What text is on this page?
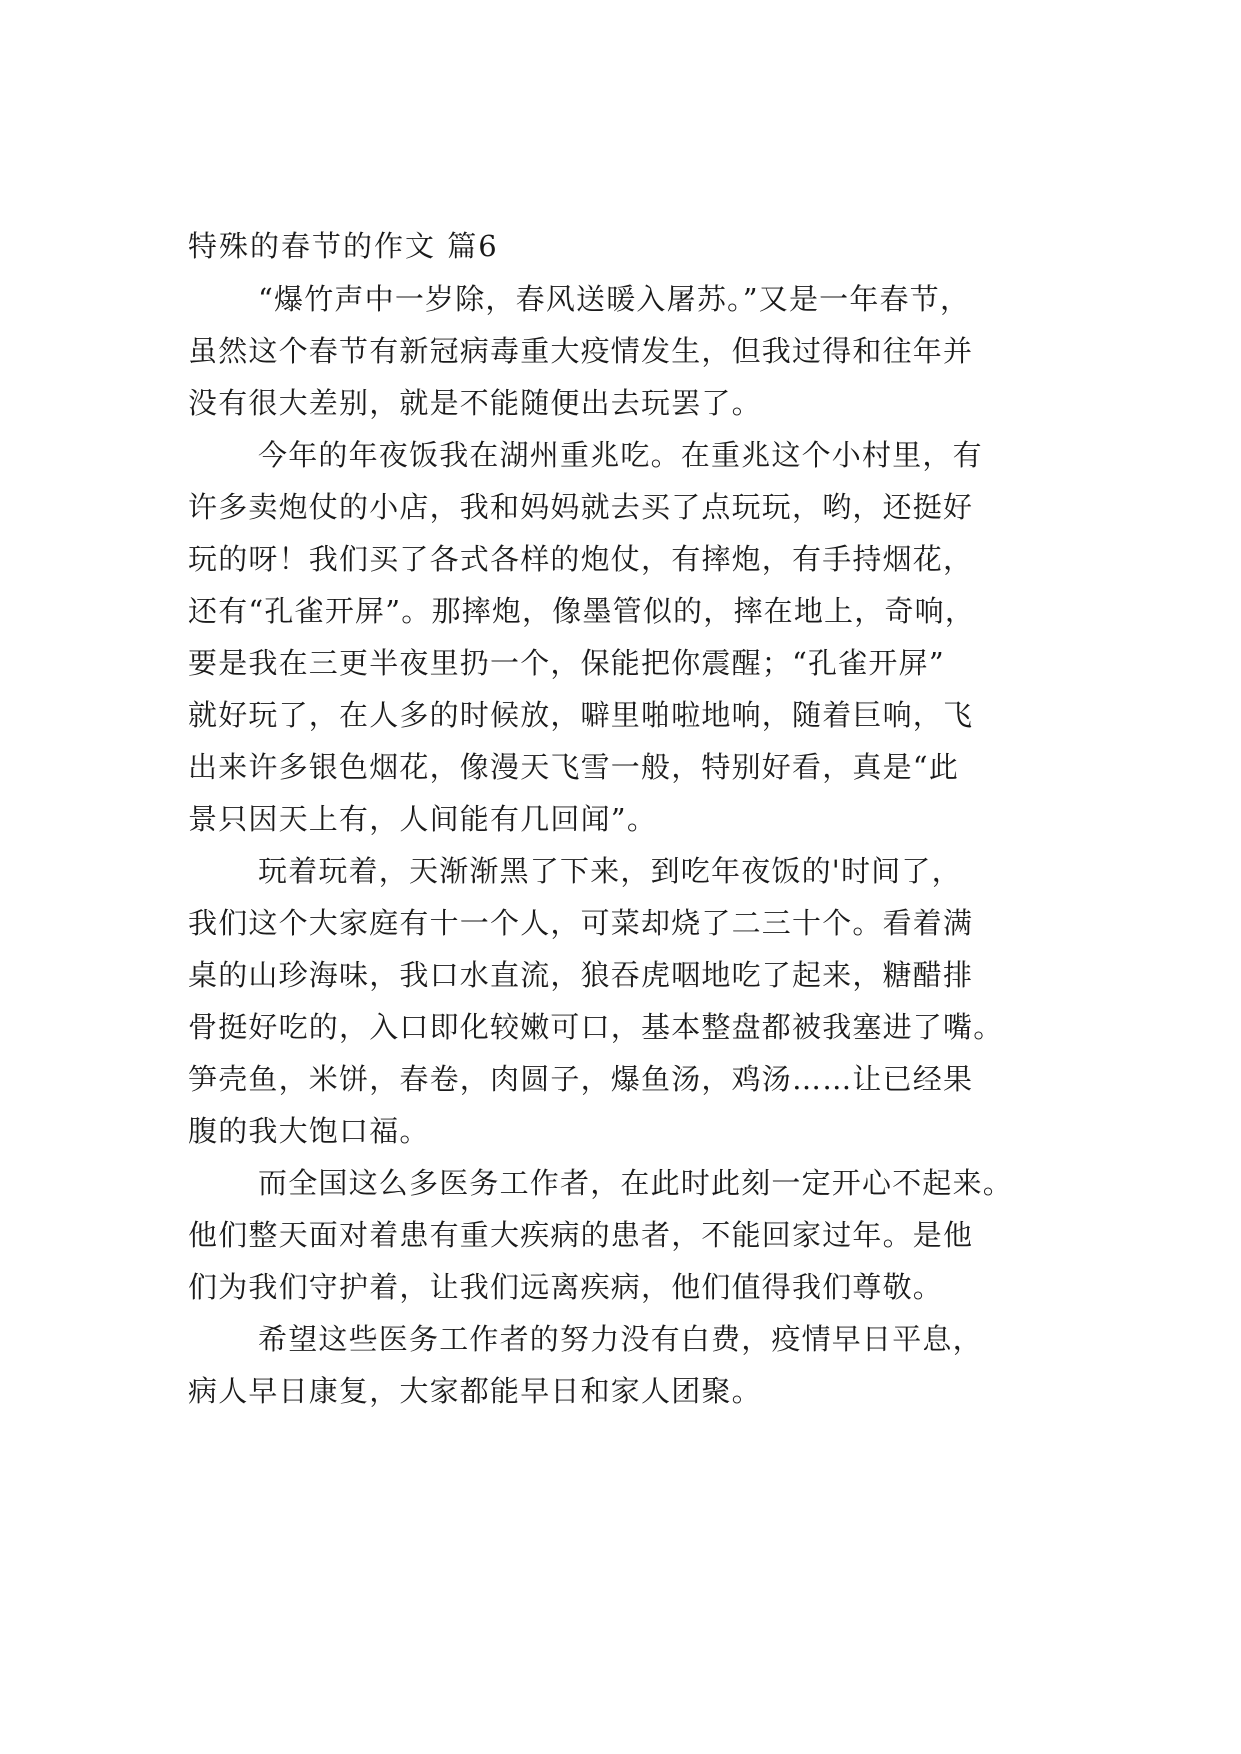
特殊的春节的作文 篇6
“爆竹声中一岁除，春风送暖入屠苏。”又是一年春节，
虽然这个春节有新冠病毒重大疫情发生，但我过得和往年并
没有很大差别，就是不能随便出去玩罢了。
今年的年夜饭我在湖州重兆吃。在重兆这个小村里，有
许多卖炮仗的小店，我和妈妈就去买了点玩玩，哟，还挺好
玩的呀！我们买了各式各样的炮仗，有摔炮，有手持烟花，
还有“孔雀开屏”。那摔炮，像墨管似的，摔在地上，奇响，
要是我在三更半夜里扔一个，保能把你震醒；“孔雀开屏”
就好玩了，在人多的时候放，噼里啪啦地响，随着巨响，飞
出来许多银色烟花，像漫天飞雪一般，特别好看，真是“此
景只因天上有，人间能有几回闻”。
玩着玩着，天渐渐黑了下来，到吃年夜饭的'时间了，
我们这个大家庭有十一个人，可菜却烧了二三十个。看着满
桌的山珍海味，我口水直流，狼吞虎咽地吃了起来，糖醋排
骨挺好吃的，入口即化较嫩可口，基本整盘都被我塞进了嘴。
笋壳鱼，米饼，春卷，肉圆子，爆鱼汤，鸡汤……让已经果
腹的我大饱口福。
而全国这么多医务工作者，在此时此刻一定开心不起来。
他们整天面对着患有重大疾病的患者，不能回家过年。是他
们为我们守护着，让我们远离疾病，他们值得我们尊敬。
希望这些医务工作者的努力没有白费，疫情早日平息，
病人早日康复，大家都能早日和家人团聚。
